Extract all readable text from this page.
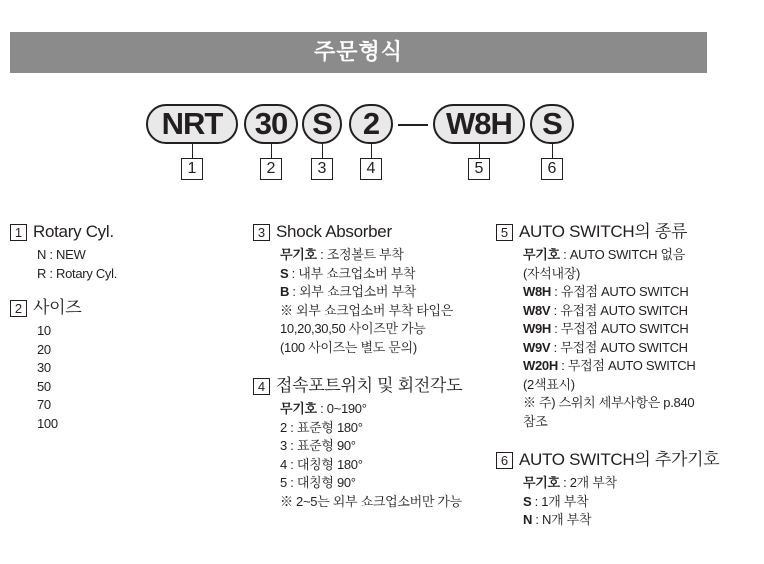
주문형식
NRT	30 S	2	W8H S
1	2	3	4	5	6
1 Rotary Cyl.
N : NEW
R : Rotary Cyl.
2 사이즈
10
20
30
50
70
100
3 Shock Absorber
무기호 : 조정볼트 부착
S : 내부 쇼크업소버 부착
B : 외부 쇼크업소버 부착
※ 외부 쇼크업소버 부착 타입은
10,20,30,50 사이즈만 가능
(100 사이즈는 별도 문의)
4 접속포트위치 및 회전각도
무기호 : 0~190°
2 : 표준형 180°
3 : 표준형 90°
4 : 대칭형 180°
5 : 대칭형 90°
※ 2~5는 외부 쇼크업소버만 가능
5 AUTO SWITCH의 종류
무기호 : AUTO SWITCH 없음
(자석내장)
W8H : 유접점 AUTO SWITCH
W8V : 유접점 AUTO SWITCH
W9H : 무접점 AUTO SWITCH
W9V : 무접점 AUTO SWITCH
W20H : 무접점 AUTO SWITCH
(2색표시)
※ 주) 스위치 세부사항은 p.840
참조
6 AUTO SWITCH의 추가기호
무기호 : 2개 부착
S : 1개 부착
N : N개 부착
